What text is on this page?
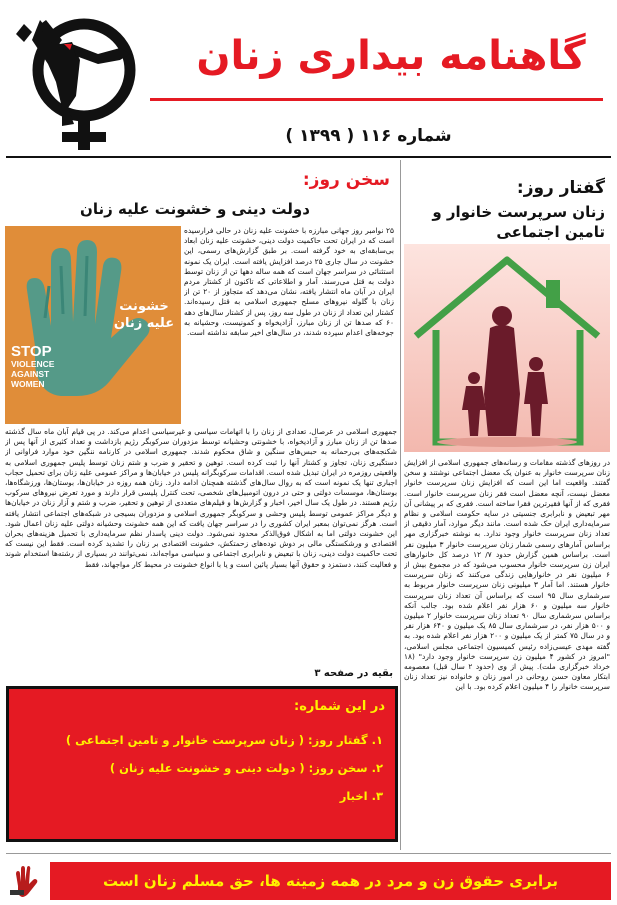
گاهنامه بیداری زنان
شماره ۱۱۶ ( ۱۳۹۹ )
سخن روز:
دولت دینی و خشونت علیه زنان
STOP
VIOLENCE
AGAINST
WOMEN
خشونت
علیه زنان
۲۵ نوامبر روز جهانی مبارزه با خشونت علیه زنان در حالی فرارسیده است که در ایران تحت حاکمیت دولت دینی، خشونت علیه زنان ابعاد بی‌سابقه‌ای به خود گرفته است. بر طبق گزارش‌های رسمی، این خشونت در سال جاری ۲۵ درصد افزایش یافته است. ایران یک نمونه استثنائی در سراسر جهان است که همه ساله دهها تن از زنان توسط دولت به قتل می‌رسند. آمار و اطلاعاتی که تاکنون از کشتار مردم ایران در آبان ماه انتشار یافته، نشان می‌دهد که متجاوز از ۲۰ تن از زنان با گلوله نیروهای مسلح جمهوری اسلامی به قتل رسیده‌اند. کشتار این تعداد از زنان در طول سه روز، پس از کشتار سال‌های دهه ۶۰ که صدها تن از زنان مبارز، آزادیخواه و کمونیست، وحشیانه به جوخه‌های اعدام سپرده شدند، در سال‌های اخیر سابقه نداشته است.
جمهوری اسلامی در عرصال، تعدادی از زنان را با اتهامات سیاسی و غیرسیاسی اعدام می‌کند. در پی قیام آبان ماه سال گذشته صدها تن از زنان مبارز و آزادیخواه، با خشونتی وحشیانه توسط مزدوران سرکوبگر رژیم بازداشت و تعداد کثیری از آنها پس از شکنجه‌های بی‌رحمانه به حبس‌های سنگین و شاق محکوم شدند. جمهوری اسلامی در کارنامه ننگین خود موارد فراوانی از دستگیری زنان، تجاوز و کشتار آنها را ثبت کرده است. توهین و تحقیر و ضرب و شتم زنان توسط پلیس جمهوری اسلامی به واقعیتی روزمره در ایران تبدیل شده است. اقدامات سرکوبگرانه پلیس در خیابان‌ها و مراکز عمومی علیه زنان برای تحمیل حجاب اجباری تنها یک نمونه است که به روال سال‌های گذشته همچنان ادامه دارد. زنان همه روزه در خیابان‌ها، بوستان‌ها، ورزشگاه‌ها، بوستان‌ها، موسسات دولتی و حتی در درون اتومبیل‌های شخصی، تحت کنترل پلیسی قرار دارند و مورد تعرض نیروهای سرکوب رژیم هستند. در طول یک سال اخیر، اخبار و گزارش‌ها و فیلم‌های متعددی از توهین و تحقیر، ضرب و شتم و آزار زنان در خیابان‌ها و دیگر مراکز عمومی توسط پلیس وحشی و سرکوبگر جمهوری اسلامی و مزدوران بسیجی در شبکه‌های اجتماعی انتشار یافته است. هرگز نمی‌توان بمعبر ایران کشوری را در سراسر جهان یافت که این همه خشونت وحشیانه دولتی علیه زنان اعمال شود. این خشونت دولتی اما به اشکال فوق‌الذکر محدود نمی‌شود. دولت دینی پاسدار نظم سرمایه‌داری با تحمیل هزینه‌های بحران اقتصادی و ورشکستگی مالی بر دوش توده‌های زحمتکش، خشونت اقتصادی بر زنان را تشدید کرده است. فقط این نیست که تحت حاکمیت دولت دینی، زنان با تبعیض و نابرابری اجتماعی و سیاسی مواجه‌اند، نمی‌توانند در بسیاری از رشته‌ها استخدام شوند و فعالیت کنند، دستمزد و حقوق آنها بسیار پائین است و یا با انواع خشونت در محیط کار مواجهاند، فقط
بقیه در صفحه ۳
در این شماره:
۱. گفتار روز: ( زنان سرپرست خانوار و تامین اجتماعی )
۲. سخن روز: ( دولت دینی و خشونت علیه زنان )
۳. اخبار
گفتار روز:
زنان سرپرست خانوار و تامین اجتماعی
در روزهای گذشته مقامات و رسانه‌های جمهوری اسلامی از افزایش زنان سرپرست خانوار به عنوان یک معضل اجتماعی نوشتند و سخن گفتند. واقعیت اما این است که افزایش زنان سرپرست خانوار معضل نیست، آنچه معضل است فقر زنان سرپرست خانوار است. فقری که از آنها فقیرترین فقرا ساخته است. فقری که بر پیشانی آن مهر تبعیض و نابرابری جنسیتی در سایه حکومت اسلامی و نظام سرمایه‌داری ایران حک شده است. مانند دیگر موارد، آمار دقیقی از تعداد زنان سرپرست خانوار وجود ندارد. به نوشته خبرگزاری مهر براساس آمارهای رسمی شمار زنان سرپرست خانوار ۳ میلیون نفر است. براساس همین گزارش حدود ۷/ ۱۲ درصد کل خانوارهای ایران زن سرپرست خانوار محسوب می‌شود که در مجموع بیش از ۶ میلیون نفر در خانوارهایی زندگی می‌کنند که زنان سرپرست خانوار هستند. اما آمار ۳ میلیونی زنان سرپرست خانوار مربوط به سرشماری سال ۹۵ است که براساس آن تعداد زنان سرپرست خانوار سه میلیون و ۶۰ هزار نفر اعلام شده بود. جالب آنکه براساس سرشماری سال ۹۰ تعداد زنان سرپرست خانوار ۲ میلیون و ۵۰۰ هزار نفر، در سرشماری سال ۸۵ یک میلیون و ۶۴۰ هزار نفر و در سال ۷۵ کمتر از یک میلیون و ۲۰۰ هزار نفر اعلام شده بود. به گفته مهدی عیسی‌زاده رئیس کمیسیون اجتماعی مجلس اسلامی، "امروز در کشور ۴ میلیون زن سرپرست خانوار وجود دارد" (۱۸ خرداد خبرگزاری ملت). پیش از وی (حدود ۲ سال قبل) معصومه ابتکار معاون حسن روحانی در امور زنان و خانواده نیز تعداد زنان سرپرست خانوار را ۴ میلیون اعلام کرده بود. با این
برابری حقوق زن و مرد در همه زمینه ها، حق مسلم زنان است
